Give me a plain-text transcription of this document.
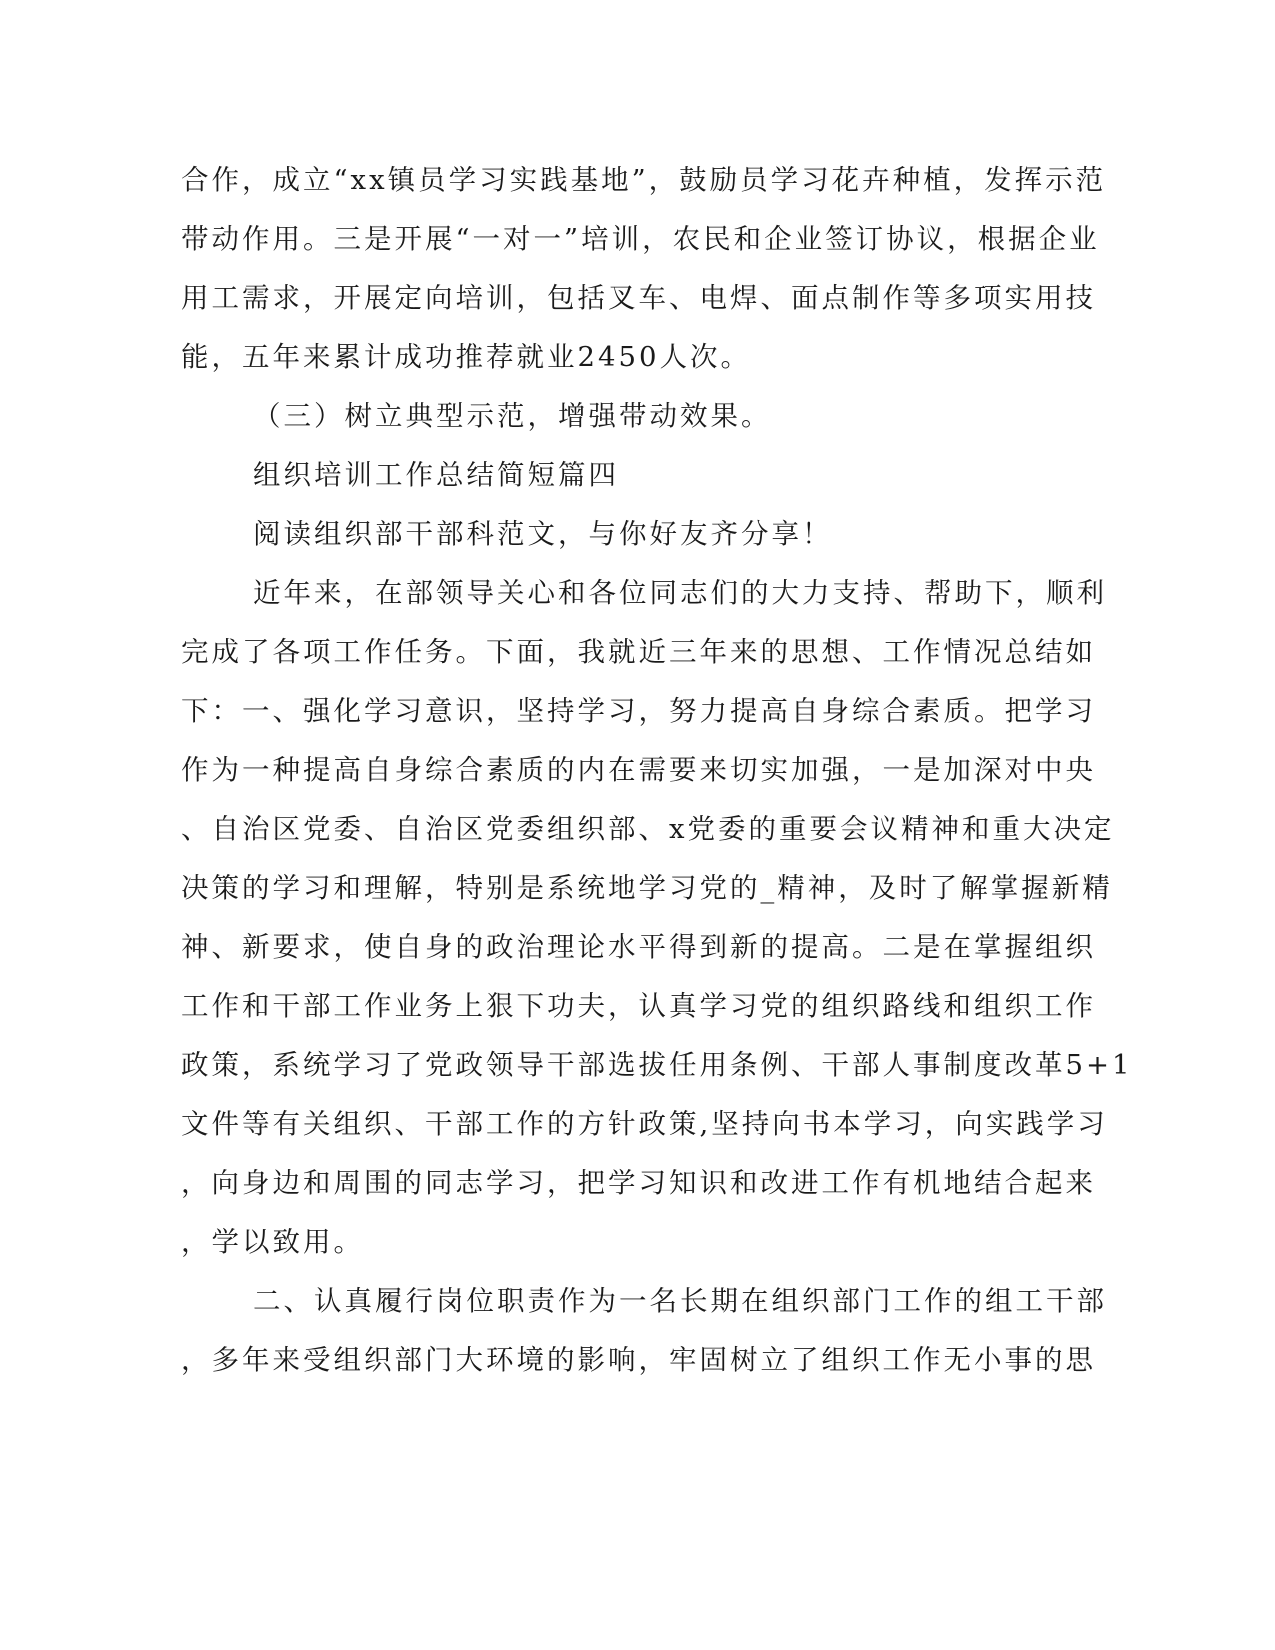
合作，成立“xx镇员学习实践基地”，鼓励员学习花卉种植，发挥示范
带动作用。三是开展“一对一”培训，农民和企业签订协议，根据企业
用工需求，开展定向培训，包括叉车、电焊、面点制作等多项实用技
能，五年来累计成功推荐就业2450人次。
（三）树立典型示范，增强带动效果。
组织培训工作总结简短篇四
阅读组织部干部科范文，与你好友齐分享！
近年来，在部领导关心和各位同志们的大力支持、帮助下，顺利
完成了各项工作任务。下面，我就近三年来的思想、工作情况总结如
下：一、强化学习意识，坚持学习，努力提高自身综合素质。把学习
作为一种提高自身综合素质的内在需要来切实加强，一是加深对中央
、自治区党委、自治区党委组织部、x党委的重要会议精神和重大决定
决策的学习和理解，特别是系统地学习党的_精神，及时了解掌握新精
神、新要求，使自身的政治理论水平得到新的提高。二是在掌握组织
工作和干部工作业务上狠下功夫，认真学习党的组织路线和组织工作
政策，系统学习了党政领导干部选拔任用条例、干部人事制度改革5+1
文件等有关组织、干部工作的方针政策,坚持向书本学习，向实践学习
，向身边和周围的同志学习，把学习知识和改进工作有机地结合起来
，学以致用。
二、认真履行岗位职责作为一名长期在组织部门工作的组工干部
，多年来受组织部门大环境的影响，牢固树立了组织工作无小事的思
